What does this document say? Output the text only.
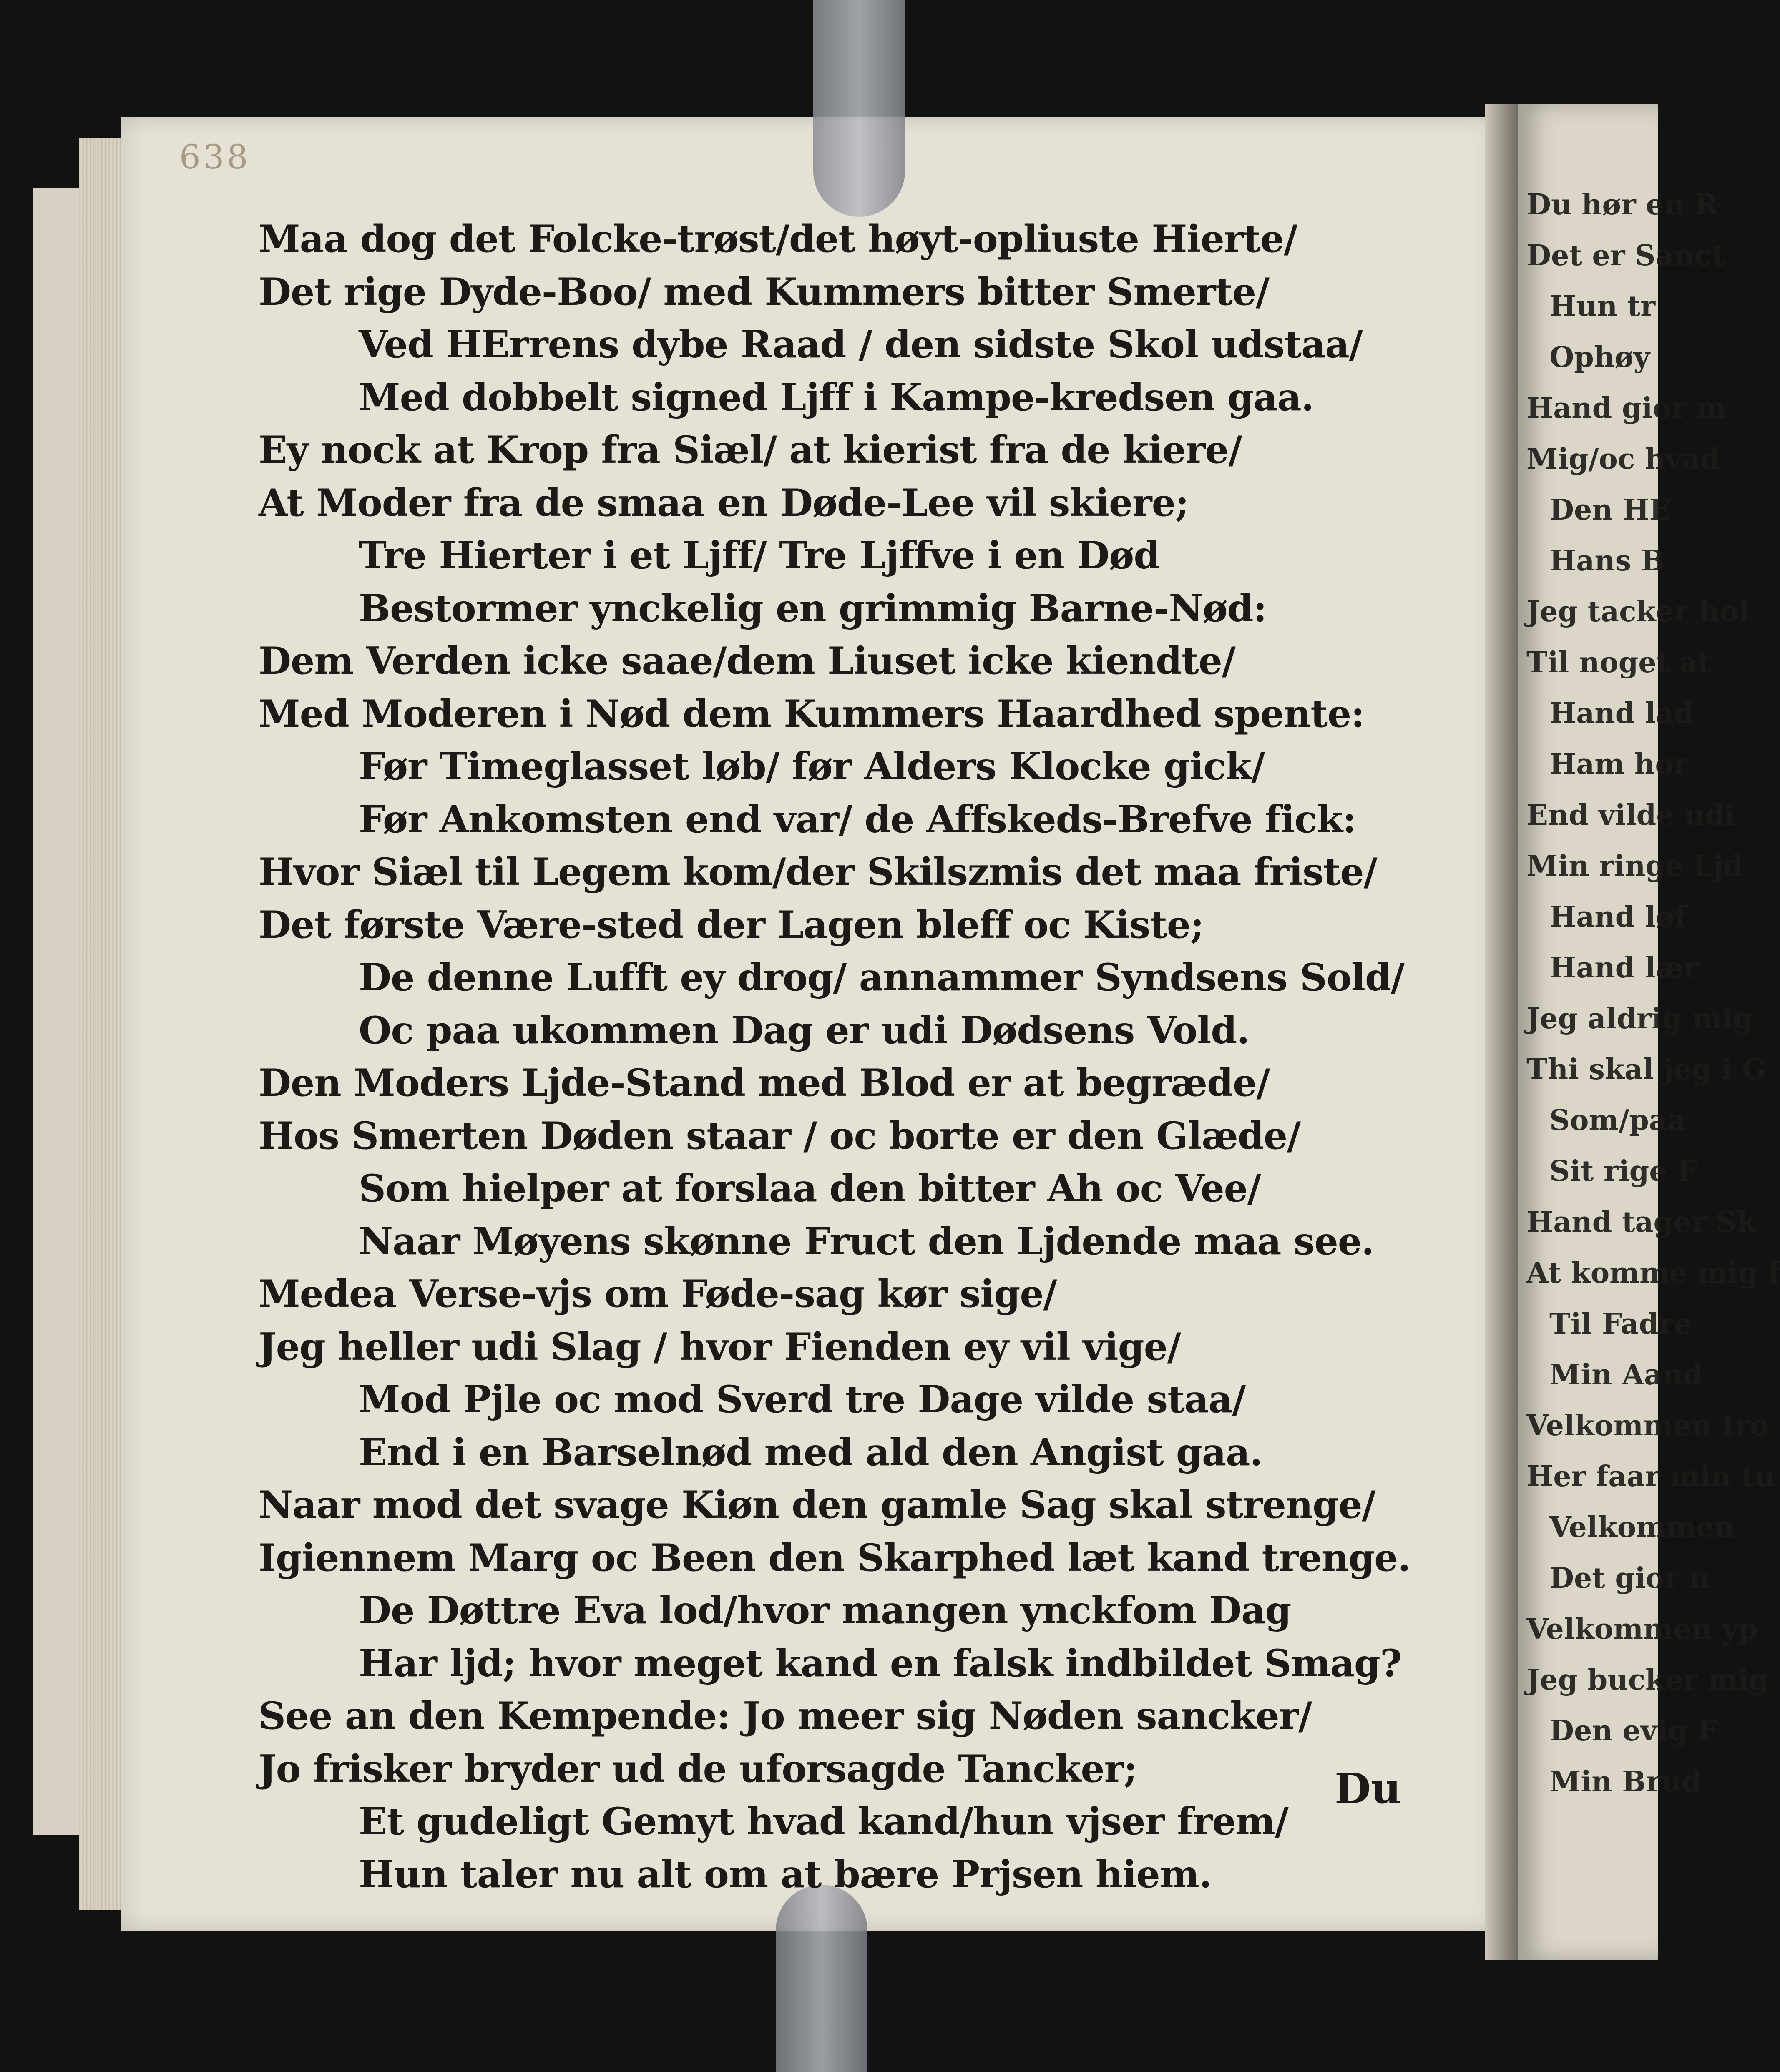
638
Maa dog det Folcke-trøst/det høyt-opliuste Hierte/
Det rige Dyde-Boo/ med Kummers bitter Smerte/
Ved HErrens dybe Raad / den sidste Skol udstaa/
Med dobbelt signed Ljff i Kampe-kredsen gaa.
Ey nock at Krop fra Siæl/ at kierist fra de kiere/
At Moder fra de smaa en Døde-Lee vil skiere;
Tre Hierter i et Ljff/ Tre Ljffve i en Død
Bestormer ynckelig en grimmig Barne-Nød:
Dem Verden icke saae/dem Liuset icke kiendte/
Med Moderen i Nød dem Kummers Haardhed spente:
Før Timeglasset løb/ før Alders Klocke gick/
Før Ankomsten end var/ de Affskeds-Brefve fick:
Hvor Siæl til Legem kom/der Skilszmis det maa friste/
Det første Være-sted der Lagen bleff oc Kiste;
De denne Lufft ey drog/ annammer Syndsens Sold/
Oc paa ukommen Dag er udi Dødsens Vold.
Den Moders Ljde-Stand med Blod er at begræde/
Hos Smerten Døden staar / oc borte er den Glæde/
Som hielper at forslaa den bitter Ah oc Vee/
Naar Møyens skønne Fruct den Ljdende maa see.
Medea Verse-vjs om Føde-sag kør sige/
Jeg heller udi Slag / hvor Fienden ey vil vige/
Mod Pjle oc mod Sverd tre Dage vilde staa/
End i en Barselnød med ald den Angist gaa.
Naar mod det svage Kiøn den gamle Sag skal strenge/
Igiennem Marg oc Been den Skarphed læt kand trenge.
De Døttre Eva lod/hvor mangen ynckfom Dag
Har ljd; hvor meget kand en falsk indbildet Smag?
See an den Kempende: Jo meer sig Nøden sancker/
Jo frisker bryder ud de uforsagde Tancker;
Et gudeligt Gemyt hvad kand/hun vjser frem/
Hun taler nu alt om at bære Prjsen hiem.
Du
Du hør en R
Det er Sanct
Hun tr
Ophøy
Hand gior m
Mig/oc hvad
Den HE
Hans B
Jeg tacker hol
Til noget at
Hand lad
Ham hor
End vilde udi
Min ringe Ljd
Hand løf
Hand lær
Jeg aldrig mig
Thi skal jeg i G
Som/paa
Sit rige F
Hand tager Sk
At komme mig f
Til Fadre
Min Aand
Velkommen tro
Her faar min tu
Velkommen
Det gior n
Velkommen yp
Jeg bucker mig
Den evig F
Min Brud
